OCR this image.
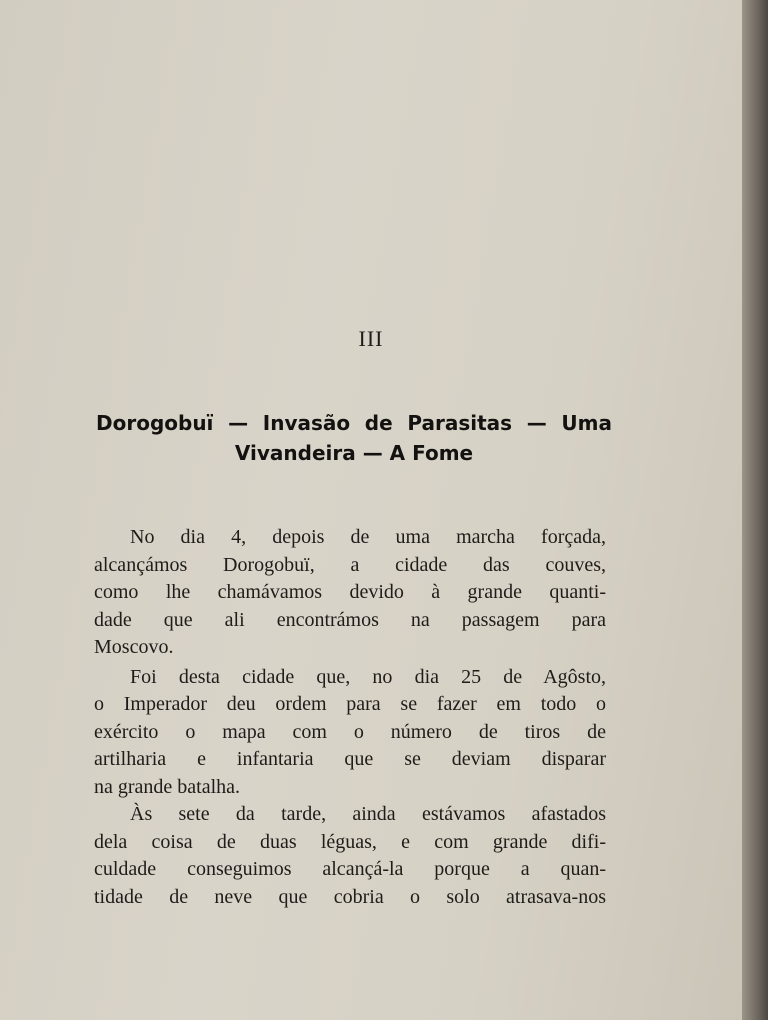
III
Dorogobuï — Invasão de Parasitas — Uma
Vivandeira — A Fome
No dia 4, depois de uma marcha forçada,
alcançámos Dorogobuï, a cidade das couves,
como lhe chamávamos devido à grande quanti-
dade que ali encontrámos na passagem para
Moscovo.
Foi desta cidade que, no dia 25 de Agôsto,
o Imperador deu ordem para se fazer em todo o
exército o mapa com o número de tiros de
artilharia e infantaria que se deviam disparar
na grande batalha.
Às sete da tarde, ainda estávamos afastados
dela coisa de duas léguas, e com grande difi-
culdade conseguimos alcançá-la porque a quan-
tidade de neve que cobria o solo atrasava-nos
